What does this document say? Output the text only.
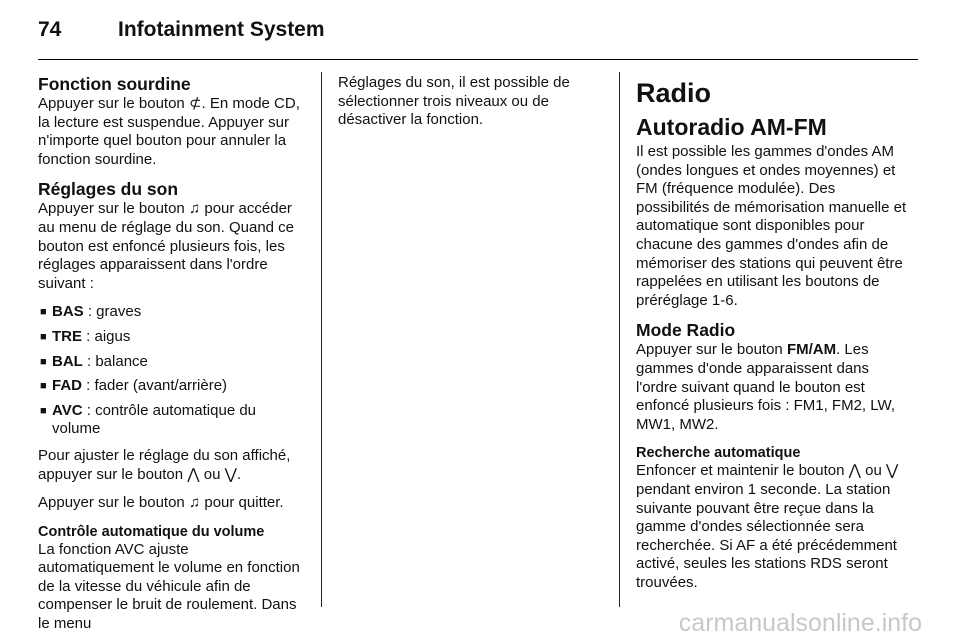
74	Infotainment System
Fonction sourdine

Appuyer sur le bouton ⊄. En mode CD, la lecture est suspendue. Appuyer sur n'importe quel bouton pour annuler la fonction sourdine.

Réglages du son

Appuyer sur le bouton ♫ pour accéder au menu de réglage du son. Quand ce bouton est enfoncé plusieurs fois, les réglages apparaissent dans l'ordre suivant :

■ BAS : graves
■ TRE : aigus
■ BAL : balance
■ FAD : fader (avant/arrière)
■ AVC : contrôle automatique du volume

Pour ajuster le réglage du son affiché, appuyer sur le bouton ⋀ ou ⋁.

Appuyer sur le bouton ♫ pour quitter.

Contrôle automatique du volume

La fonction AVC ajuste automatiquement le volume en fonction de la vitesse du véhicule afin de compenser le bruit de roulement. Dans le menu

Réglages du son, il est possible de sélectionner trois niveaux ou de désactiver la fonction.

Radio
Autoradio AM-FM

Il est possible les gammes d'ondes AM (ondes longues et ondes moyennes) et FM (fréquence modulée). Des possibilités de mémorisation manuelle et automatique sont disponibles pour chacune des gammes d'ondes afin de mémoriser des stations qui peuvent être rappelées en utilisant les boutons de préréglage 1-6.

Mode Radio

Appuyer sur le bouton FM/AM. Les gammes d'onde apparaissent dans l'ordre suivant quand le bouton est enfoncé plusieurs fois : FM1, FM2, LW, MW1, MW2.

Recherche automatique

Enfoncer et maintenir le bouton ⋀ ou ⋁ pendant environ 1 seconde. La station suivante pouvant être reçue dans la gamme d'ondes sélectionnée sera recherchée. Si AF a été précédemment activé, seules les stations RDS seront trouvées.

carmanualsonline.info
